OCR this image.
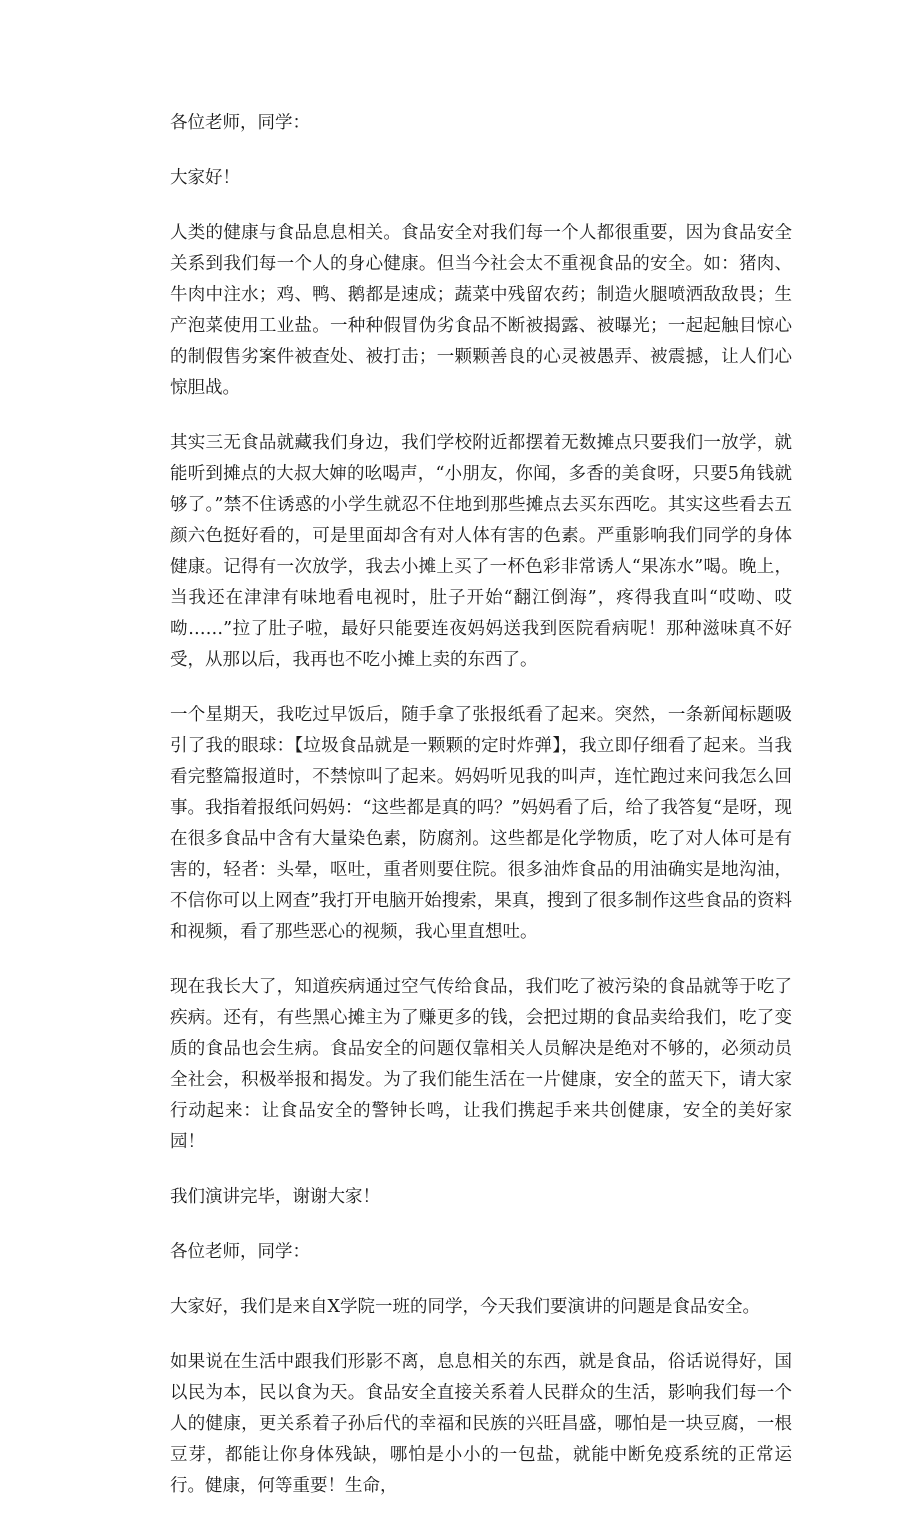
各位老师，同学：

大家好！

人类的健康与食品息息相关。食品安全对我们每一个人都很重要，因为食品安全关系到我们每一个人的身心健康。但当今社会太不重视食品的安全。如：猪肉、牛肉中注水；鸡、鸭、鹅都是速成；蔬菜中残留农药；制造火腿喷洒敌敌畏；生产泡菜使用工业盐。一种种假冒伪劣食品不断被揭露、被曝光；一起起触目惊心的制假售劣案件被查处、被打击；一颗颗善良的心灵被愚弄、被震撼，让人们心惊胆战。

其实三无食品就藏我们身边，我们学校附近都摆着无数摊点只要我们一放学，就能听到摊点的大叔大婶的吆喝声，“小朋友，你闻，多香的美食呀，只要5角钱就够了。”禁不住诱惑的小学生就忍不住地到那些摊点去买东西吃。其实这些看去五颜六色挺好看的，可是里面却含有对人体有害的色素。严重影响我们同学的身体健康。记得有一次放学，我去小摊上买了一杯色彩非常诱人“果冻水”喝。晚上，当我还在津津有味地看电视时，肚子开始“翻江倒海”，疼得我直叫“哎呦、哎呦……”拉了肚子啦，最好只能要连夜妈妈送我到医院看病呢！那种滋味真不好受，从那以后，我再也不吃小摊上卖的东西了。

一个星期天，我吃过早饭后，随手拿了张报纸看了起来。突然，一条新闻标题吸引了我的眼球：【垃圾食品就是一颗颗的定时炸弹】，我立即仔细看了起来。当我看完整篇报道时，不禁惊叫了起来。妈妈听见我的叫声，连忙跑过来问我怎么回事。我指着报纸问妈妈：“这些都是真的吗？”妈妈看了后，给了我答复“是呀，现在很多食品中含有大量染色素，防腐剂。这些都是化学物质，吃了对人体可是有害的，轻者：头晕，呕吐，重者则要住院。很多油炸食品的用油确实是地沟油，不信你可以上网查”我打开电脑开始搜索，果真，搜到了很多制作这些食品的资料和视频，看了那些恶心的视频，我心里直想吐。

现在我长大了，知道疾病通过空气传给食品，我们吃了被污染的食品就等于吃了疾病。还有，有些黑心摊主为了赚更多的钱，会把过期的食品卖给我们，吃了变质的食品也会生病。食品安全的问题仅靠相关人员解决是绝对不够的，必须动员全社会，积极举报和揭发。为了我们能生活在一片健康，安全的蓝天下，请大家行动起来：让食品安全的警钟长鸣，让我们携起手来共创健康，安全的美好家园！

我们演讲完毕，谢谢大家！

各位老师，同学：

大家好，我们是来自X学院一班的同学，今天我们要演讲的问题是食品安全。

如果说在生活中跟我们形影不离，息息相关的东西，就是食品，俗话说得好，国以民为本，民以食为天。食品安全直接关系着人民群众的生活，影响我们每一个人的健康，更关系着子孙后代的幸福和民族的兴旺昌盛，哪怕是一块豆腐，一根豆芽，都能让你身体残缺，哪怕是小小的一包盐，就能中断免疫系统的正常运行。健康，何等重要！生命，
